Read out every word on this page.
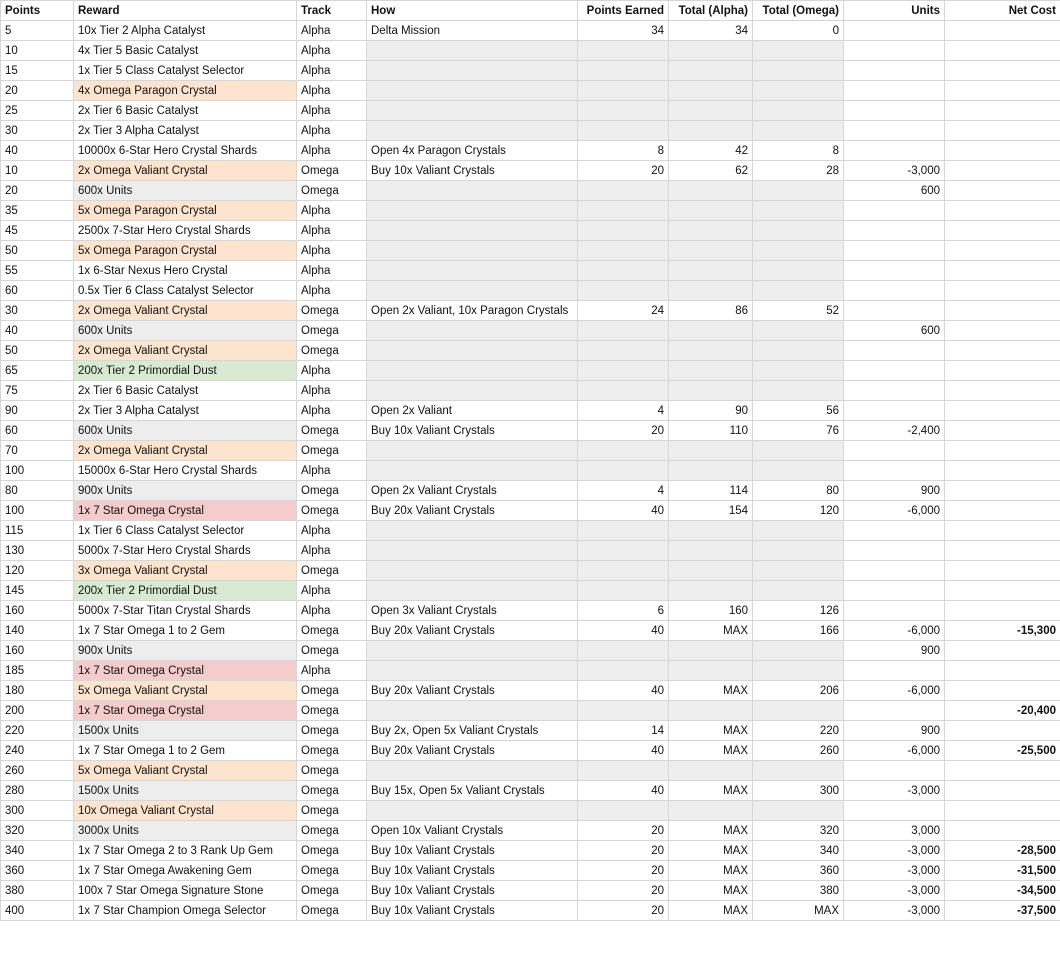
Points	Reward	Track	How	Points Earned	Total (Alpha)	Total (Omega)	Units	Net Cost
5	10x Tier 2 Alpha Catalyst	Alpha	Delta Mission	34	34	0		
10	4x Tier 5 Basic Catalyst	Alpha						
15	1x Tier 5 Class Catalyst Selector	Alpha						
20	4x Omega Paragon Crystal	Alpha						
25	2x Tier 6 Basic Catalyst	Alpha						
30	2x Tier 3 Alpha Catalyst	Alpha						
40	10000x 6-Star Hero Crystal Shards	Alpha	Open 4x Paragon Crystals	8	42	8		
10	2x Omega Valiant Crystal	Omega	Buy 10x Valiant Crystals	20	62	28	-3,000	
20	600x Units	Omega					600	
35	5x Omega Paragon Crystal	Alpha						
45	2500x 7-Star Hero Crystal Shards	Alpha						
50	5x Omega Paragon Crystal	Alpha						
55	1x 6-Star Nexus Hero Crystal	Alpha						
60	0.5x Tier 6 Class Catalyst Selector	Alpha						
30	2x Omega Valiant Crystal	Omega	Open 2x Valiant, 10x Paragon Crystals	24	86	52		
40	600x Units	Omega					600	
50	2x Omega Valiant Crystal	Omega						
65	200x Tier 2 Primordial Dust	Alpha						
75	2x Tier 6 Basic Catalyst	Alpha						
90	2x Tier 3 Alpha Catalyst	Alpha	Open 2x Valiant	4	90	56		
60	600x Units	Omega	Buy 10x Valiant Crystals	20	110	76	-2,400	
70	2x Omega Valiant Crystal	Omega						
100	15000x 6-Star Hero Crystal Shards	Alpha						
80	900x Units	Omega	Open 2x Valiant Crystals	4	114	80	900	
100	1x 7 Star Omega Crystal	Omega	Buy 20x Valiant Crystals	40	154	120	-6,000	
115	1x Tier 6 Class Catalyst Selector	Alpha						
130	5000x 7-Star Hero Crystal Shards	Alpha						
120	3x Omega Valiant Crystal	Omega						
145	200x Tier 2 Primordial Dust	Alpha						
160	5000x 7-Star Titan Crystal Shards	Alpha	Open 3x Valiant Crystals	6	160	126		
140	1x 7 Star Omega 1 to 2 Gem	Omega	Buy 20x Valiant Crystals	40	MAX	166	-6,000	-15,300
160	900x Units	Omega					900	
185	1x 7 Star Omega Crystal	Alpha						
180	5x Omega Valiant Crystal	Omega	Buy 20x Valiant Crystals	40	MAX	206	-6,000	
200	1x 7 Star Omega Crystal	Omega						-20,400
220	1500x Units	Omega	Buy 2x, Open 5x Valiant Crystals	14	MAX	220	900	
240	1x 7 Star Omega 1 to 2 Gem	Omega	Buy 20x Valiant Crystals	40	MAX	260	-6,000	-25,500
260	5x Omega Valiant Crystal	Omega						
280	1500x Units	Omega	Buy 15x, Open 5x Valiant Crystals	40	MAX	300	-3,000	
300	10x Omega Valiant Crystal	Omega						
320	3000x Units	Omega	Open 10x Valiant Crystals	20	MAX	320	3,000	
340	1x 7 Star Omega 2 to 3 Rank Up Gem	Omega	Buy 10x Valiant Crystals	20	MAX	340	-3,000	-28,500
360	1x 7 Star Omega Awakening Gem	Omega	Buy 10x Valiant Crystals	20	MAX	360	-3,000	-31,500
380	100x 7 Star Omega Signature Stone	Omega	Buy 10x Valiant Crystals	20	MAX	380	-3,000	-34,500
400	1x 7 Star Champion Omega Selector	Omega	Buy 10x Valiant Crystals	20	MAX	MAX	-3,000	-37,500
